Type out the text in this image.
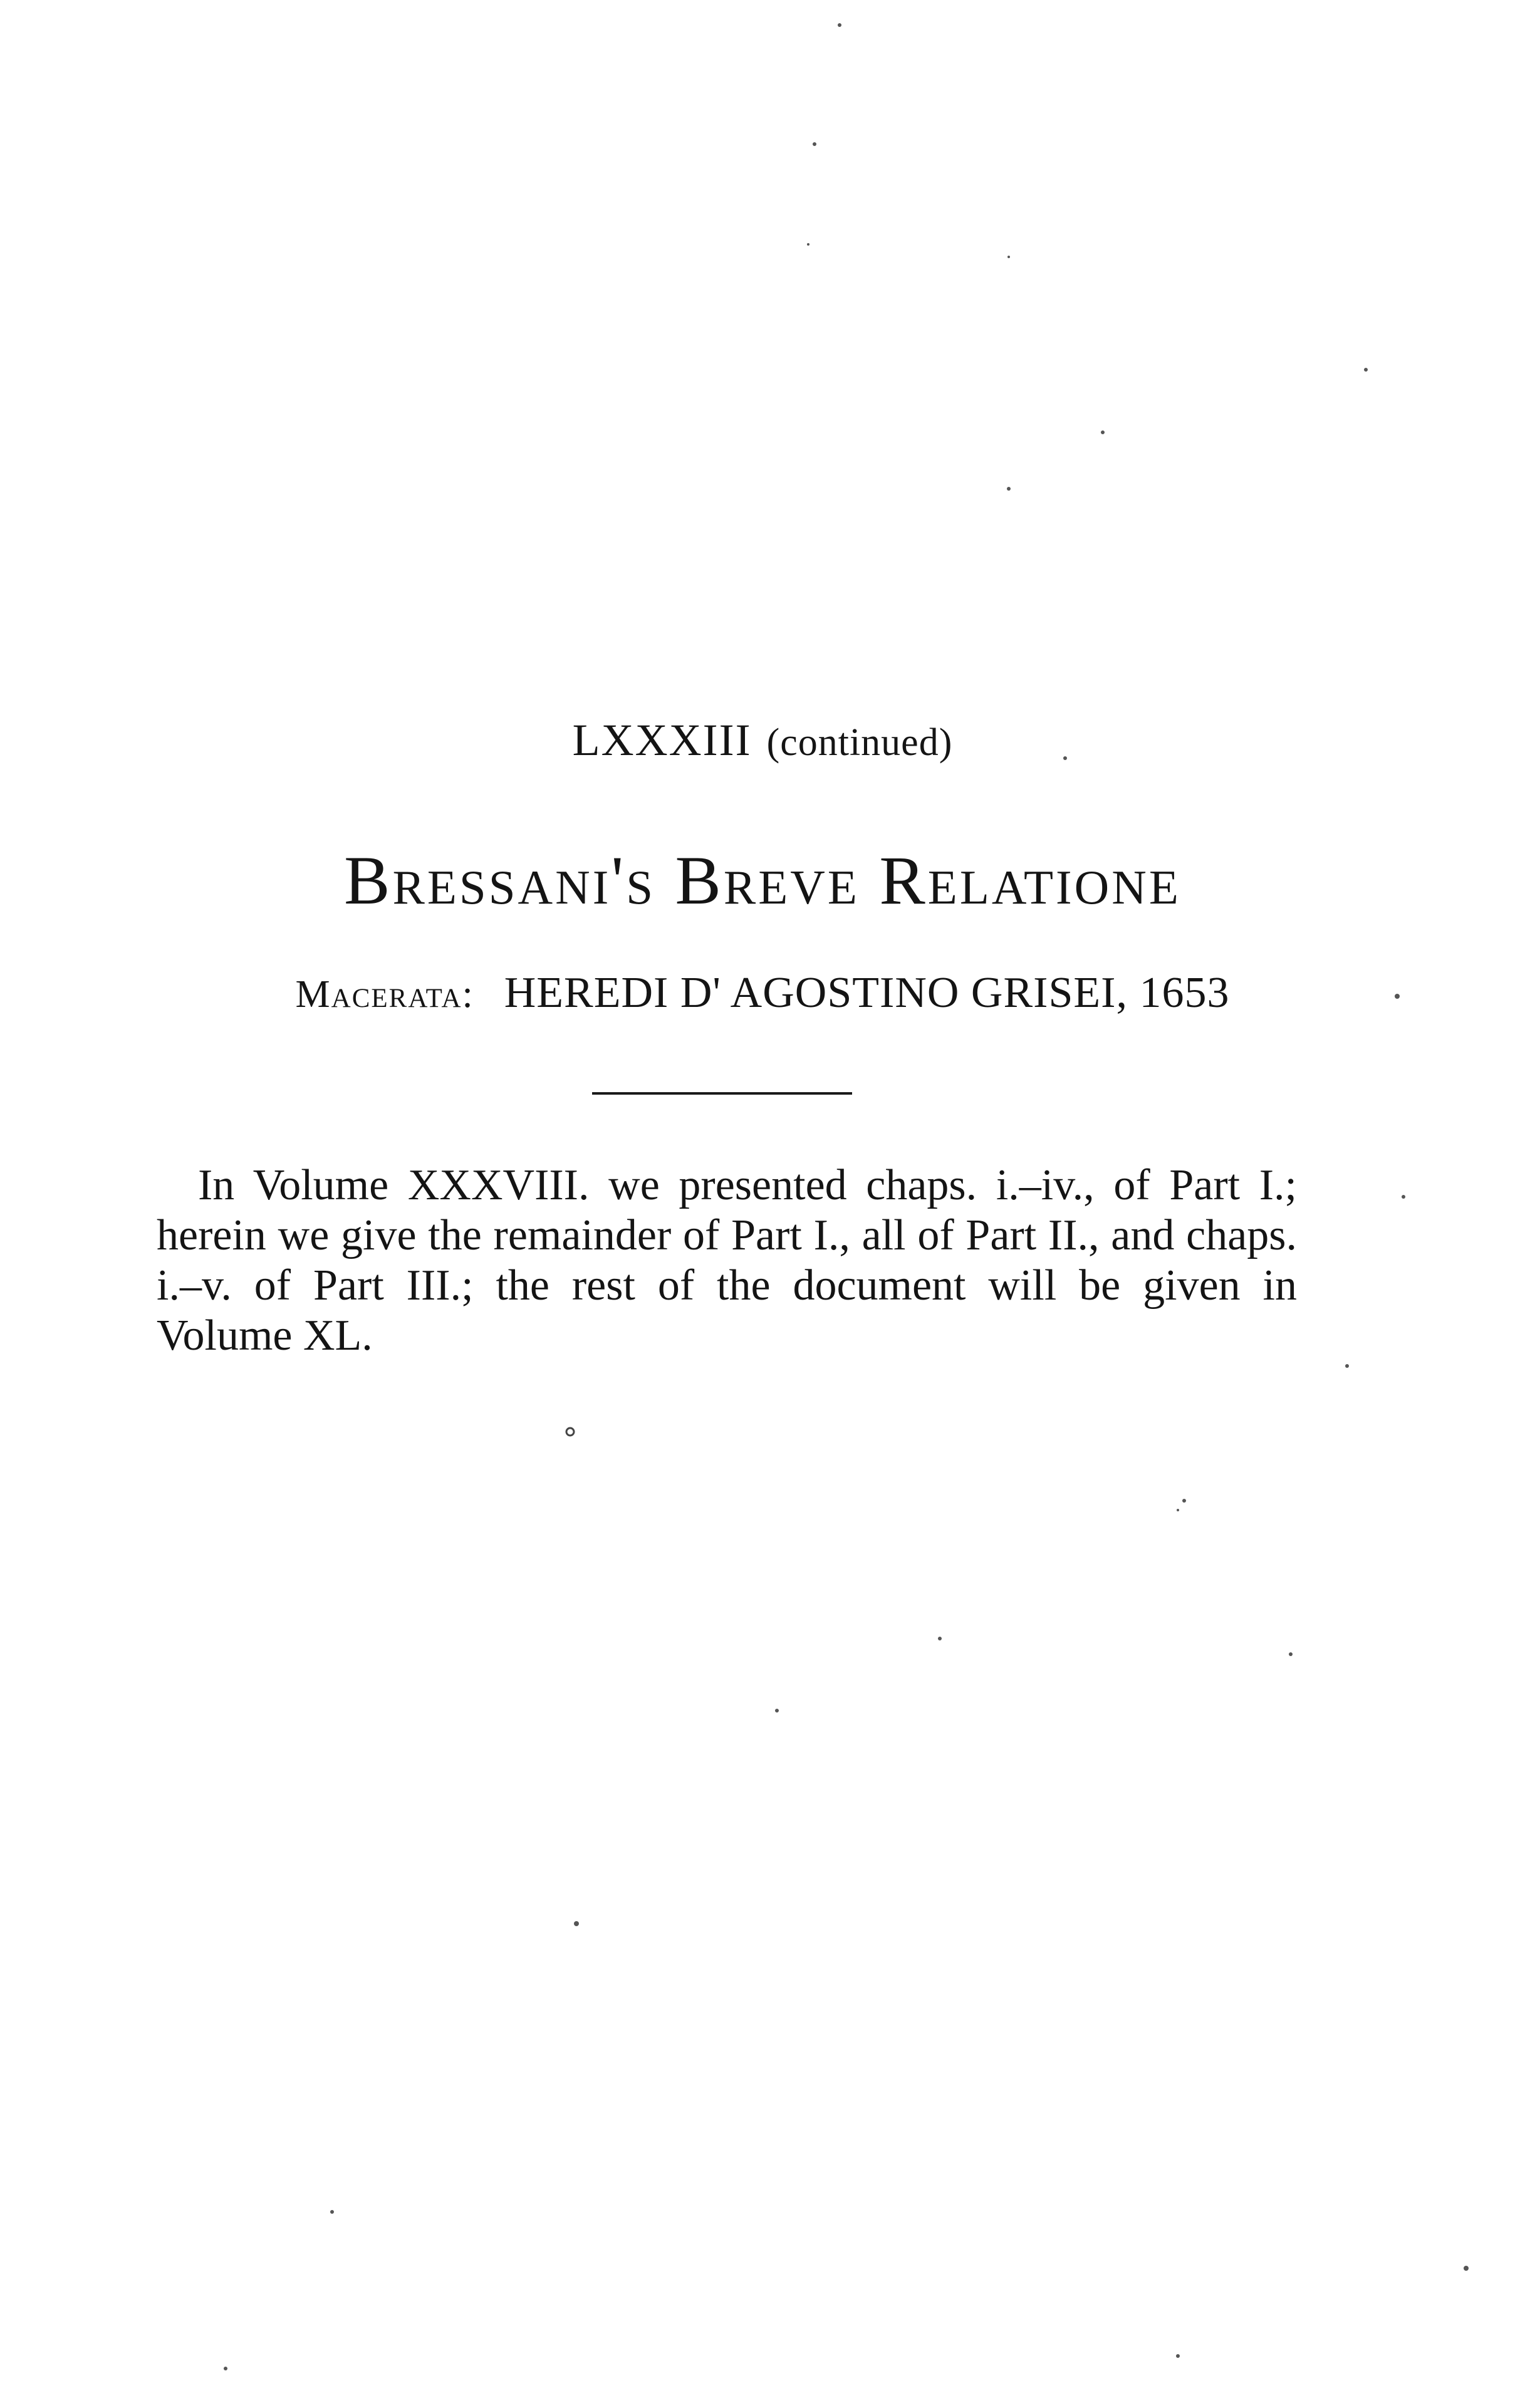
LXXXIII (continued)
Bressani's Breve Relatione
Macerata: HEREDI D' AGOSTINO GRISEI, 1653

In Volume XXXVIII. we presented chaps. i.–iv., of Part I.; herein we give the remainder of Part I., all of Part II., and chaps. i.–v. of Part III.; the rest of the document will be given in Volume XL.
